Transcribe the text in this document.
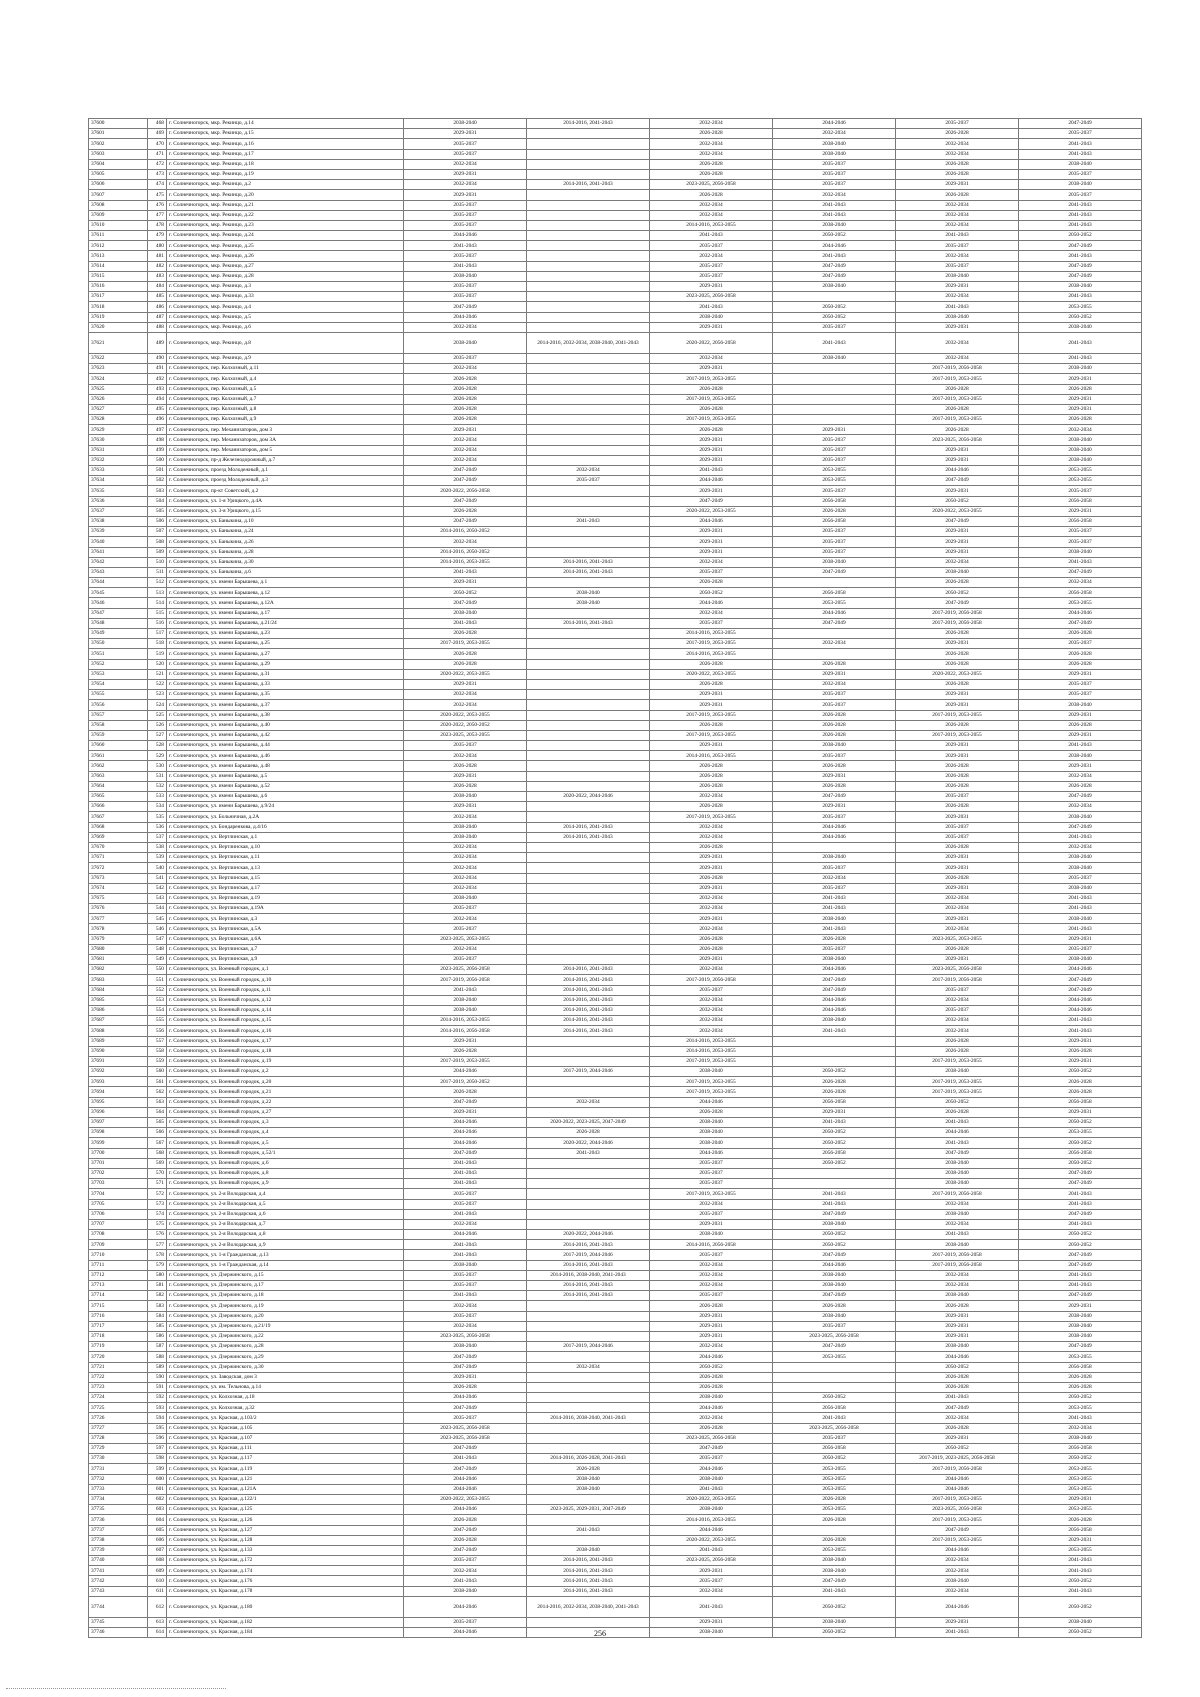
37600	468	г. Солнечногорск, мкр. Рекинцо, д.14	2038-2040	2014-2016, 2041-2043	2032-2034	2044-2046	2035-2037	2047-2049
37601	469	г. Солнечногорск, мкр. Рекинцо, д.15	2029-2031		2026-2028	2032-2034	2026-2028	2035-2037
37602	470	г. Солнечногорск, мкр. Рекинцо, д.16	2035-2037		2032-2034	2038-2040	2032-2034	2041-2043
37603	471	г. Солнечногорск, мкр. Рекинцо, д.17	2035-2037		2032-2034	2038-2040	2032-2034	2041-2043
37604	472	г. Солнечногорск, мкр. Рекинцо, д.18	2032-2034		2026-2028	2035-2037	2026-2028	2038-2040
37605	473	г. Солнечногорск, мкр. Рекинцо, д.19	2029-2031		2026-2028	2035-2037	2026-2028	2035-2037
37606	474	г. Солнечногорск, мкр. Рекинцо, д.2	2032-2034	2014-2016, 2041-2043	2023-2025, 2056-2058	2035-2037	2029-2031	2038-2040
37607	475	г. Солнечногорск, мкр. Рекинцо, д.20	2029-2031		2026-2028	2032-2034	2026-2028	2035-2037
37608	476	г. Солнечногорск, мкр. Рекинцо, д.21	2035-2037		2032-2034	2041-2043	2032-2034	2041-2043
37609	477	г. Солнечногорск, мкр. Рекинцо, д.22	2035-2037		2032-2034	2041-2043	2032-2034	2041-2043
37610	478	г. Солнечногорск, мкр. Рекинцо, д.23	2035-2037		2014-2016, 2053-2055	2038-2040	2032-2034	2041-2043
37611	479	г. Солнечногорск, мкр. Рекинцо, д.24	2044-2046		2041-2043	2050-2052	2041-2043	2050-2052
37612	480	г. Солнечногорск, мкр. Рекинцо, д.25	2041-2043		2035-2037	2044-2046	2035-2037	2047-2049
37613	481	г. Солнечногорск, мкр. Рекинцо, д.26	2035-2037		2032-2034	2041-2043	2032-2034	2041-2043
37614	482	г. Солнечногорск, мкр. Рекинцо, д.27	2041-2043		2035-2037	2047-2049	2035-2037	2047-2049
37615	483	г. Солнечногорск, мкр. Рекинцо, д.28	2038-2040		2035-2037	2047-2049	2038-2040	2047-2049
37616	484	г. Солнечногорск, мкр. Рекинцо, д.3	2035-2037		2029-2031	2038-2040	2029-2031	2038-2040
37617	485	г. Солнечногорск, мкр. Рекинцо, д.33	2035-2037		2023-2025, 2056-2058		2032-2034	2041-2043
37618	486	г. Солнечногорск, мкр. Рекинцо, д.4	2047-2049		2041-2043	2050-2052	2041-2043	2053-2055
37619	487	г. Солнечногорск, мкр. Рекинцо, д.5	2044-2046		2038-2040	2050-2052	2038-2040	2050-2052
37620	488	г. Солнечногорск, мкр. Рекинцо, д.6	2032-2034		2029-2031	2035-2037	2029-2031	2038-2040
37621	489	г. Солнечногорск, мкр. Рекинцо, д.8	2038-2040	2014-2016, 2032-2034, 2038-2040, 2041-2043	2020-2022, 2056-2058	2041-2043	2032-2034	2041-2043
37622	490	г. Солнечногорск, мкр. Рекинцо, д.9	2035-2037		2032-2034	2038-2040	2032-2034	2041-2043
37623	491	г. Солнечногорск, пер. Колхозный, д.11	2032-2034		2029-2031		2017-2019, 2056-2058	2038-2040
37624	492	г. Солнечногорск, пер. Колхозный, д.4	2026-2028		2017-2019, 2053-2055		2017-2019, 2053-2055	2029-2031
37625	493	г. Солнечногорск, пер. Колхозный, д.5	2026-2028		2026-2028		2026-2028	2026-2028
37626	494	г. Солнечногорск, пер. Колхозный, д.7	2026-2028		2017-2019, 2053-2055		2017-2019, 2053-2055	2029-2031
37627	495	г. Солнечногорск, пер. Колхозный, д.8	2026-2028		2026-2028		2026-2028	2029-2031
37628	496	г. Солнечногорск, пер. Колхозный, д.9	2026-2028		2017-2019, 2053-2055		2017-2019, 2053-2055	2026-2028
37629	497	г. Солнечногорск, пер. Механизаторов, дом 3	2029-2031		2026-2028	2029-2031	2026-2028	2032-2034
37630	498	г. Солнечногорск, пер. Механизаторов, дом 3А	2032-2034		2029-2031	2035-2037	2023-2025, 2056-2058	2038-2040
37631	499	г. Солнечногорск, пер. Механизаторов, дом 5	2032-2034		2029-2031	2035-2037	2029-2031	2038-2040
37632	500	г. Солнечногорск, пр-д Железнодорожный, д.7	2032-2034		2029-2031	2035-2037	2029-2031	2038-2040
37633	501	г. Солнечногорск, проезд Молодежный, д.1	2047-2049	2032-2034	2041-2043	2053-2055	2044-2046	2053-2055
37634	502	г. Солнечногорск, проезд Молодежный, д.3	2047-2049	2035-2037	2044-2046	2053-2055	2047-2049	2053-2055
37635	503	г. Солнечногорск, пр-кт Советский, д.2	2020-2022, 2056-2058		2029-2031	2035-2037	2029-2031	2035-2037
37636	504	г. Солнечногорск, ул. 1-я Урицкого, д.4А	2047-2049		2047-2049	2056-2058	2050-2052	2056-2058
37637	505	г. Солнечногорск, ул. 3-я Урицкого, д.15	2026-2028		2020-2022, 2053-2055	2026-2028	2020-2022, 2053-2055	2029-2031
37638	506	г. Солнечногорск, ул. Баныкина, д.10	2047-2049	2041-2043	2044-2046	2056-2058	2047-2049	2056-2058
37639	507	г. Солнечногорск, ул. Баныкина, д.24	2014-2016, 2050-2052		2029-2031	2035-2037	2029-2031	2035-2037
37640	508	г. Солнечногорск, ул. Баныкина, д.26	2032-2034		2029-2031	2035-2037	2029-2031	2035-2037
37641	509	г. Солнечногорск, ул. Баныкина, д.28	2014-2016, 2050-2052		2029-2031	2035-2037	2029-2031	2038-2040
37642	510	г. Солнечногорск, ул. Баныкина, д.30	2014-2016, 2053-2055	2014-2016, 2041-2043	2032-2034	2038-2040	2032-2034	2041-2043
37643	511	г. Солнечногорск, ул. Баныкина, д.6	2041-2043	2014-2016, 2041-2043	2035-2037	2047-2049	2038-2040	2047-2049
37644	512	г. Солнечногорск, ул. имени Барышева, д.1	2029-2031		2026-2028		2026-2028	2032-2034
37645	513	г. Солнечногорск, ул. имени Барышева, д.12	2050-2052	2038-2040	2050-2052	2056-2058	2050-2052	2056-2058
37646	514	г. Солнечногорск, ул. имени Барышева, д.12А	2047-2049	2038-2040	2044-2046	2053-2055	2047-2049	2053-2055
37647	515	г. Солнечногорск, ул. имени Барышева, д.17	2038-2040		2032-2034	2044-2046	2017-2019, 2056-2058	2044-2046
37648	516	г. Солнечногорск, ул. имени Барышева, д.21/24	2041-2043	2014-2016, 2041-2043	2035-2037	2047-2049	2017-2019, 2056-2058	2047-2049
37649	517	г. Солнечногорск, ул. имени Барышева, д.23	2026-2028		2014-2016, 2053-2055		2026-2028	2026-2028
37650	518	г. Солнечногорск, ул. имени Барышева, д.25	2017-2019, 2053-2055		2017-2019, 2053-2055	2032-2034	2029-2031	2035-2037
37651	519	г. Солнечногорск, ул. имени Барышева, д.27	2026-2028		2014-2016, 2053-2055		2026-2028	2026-2028
37652	520	г. Солнечногорск, ул. имени Барышева, д.29	2026-2028		2026-2028	2026-2028	2026-2028	2026-2028
37653	521	г. Солнечногорск, ул. имени Барышева, д.31	2020-2022, 2053-2055		2020-2022, 2053-2055	2029-2031	2020-2022, 2053-2055	2029-2031
37654	522	г. Солнечногорск, ул. имени Барышева, д.33	2029-2031		2026-2028	2032-2034	2026-2028	2035-2037
37655	523	г. Солнечногорск, ул. имени Барышева, д.35	2032-2034		2029-2031	2035-2037	2029-2031	2035-2037
37656	524	г. Солнечногорск, ул. имени Барышева, д.37	2032-2034		2029-2031	2035-2037	2029-2031	2038-2040
37657	525	г. Солнечногорск, ул. имени Барышева, д.38	2020-2022, 2053-2055		2017-2019, 2053-2055	2026-2028	2017-2019, 2053-2055	2029-2031
37658	526	г. Солнечногорск, ул. имени Барышева, д.40	2020-2022, 2050-2052		2026-2028	2026-2028	2026-2028	2026-2028
37659	527	г. Солнечногорск, ул. имени Барышева, д.42	2023-2025, 2053-2055		2017-2019, 2053-2055	2026-2028	2017-2019, 2053-2055	2029-2031
37660	528	г. Солнечногорск, ул. имени Барышева, д.44	2035-2037		2029-2031	2038-2040	2029-2031	2041-2043
37661	529	г. Солнечногорск, ул. имени Барышева, д.46	2032-2034		2014-2016, 2053-2055	2035-2037	2029-2031	2038-2040
37662	530	г. Солнечногорск, ул. имени Барышева, д.48	2026-2028		2026-2028	2026-2028	2026-2028	2029-2031
37663	531	г. Солнечногорск, ул. имени Барышева, д.5	2029-2031		2026-2028	2029-2031	2026-2028	2032-2034
37664	532	г. Солнечногорск, ул. имени Барышева, д.52	2026-2028		2026-2028	2026-2028	2026-2028	2026-2028
37665	533	г. Солнечногорск, ул. имени Барышева, д.6	2038-2040	2020-2022, 2044-2046	2032-2034	2047-2049	2035-2037	2047-2049
37666	534	г. Солнечногорск, ул. имени Барышева, д.9/24	2029-2031		2026-2028	2029-2031	2026-2028	2032-2034
37667	535	г. Солнечногорск, ул. Больничная, д.2А	2032-2034		2017-2019, 2053-2055	2035-2037	2029-2031	2038-2040
37668	536	г. Солнечногорск, ул. Бондаренкова, д.4/16	2038-2040	2014-2016, 2041-2043	2032-2034	2044-2046	2035-2037	2047-2049
37669	537	г. Солнечногорск, ул. Вертлинская, д.1	2038-2040	2014-2016, 2041-2043	2032-2034	2044-2046	2035-2037	2041-2043
37670	538	г. Солнечногорск, ул. Вертлинская, д.10	2032-2034		2026-2028		2026-2028	2032-2034
37671	539	г. Солнечногорск, ул. Вертлинская, д.11	2032-2034		2029-2031	2038-2040	2029-2031	2038-2040
37672	540	г. Солнечногорск, ул. Вертлинская, д.13	2032-2034		2029-2031	2035-2037	2029-2031	2038-2040
37673	541	г. Солнечногорск, ул. Вертлинская, д.15	2032-2034		2026-2028	2032-2034	2026-2028	2035-2037
37674	542	г. Солнечногорск, ул. Вертлинская, д.17	2032-2034		2029-2031	2035-2037	2029-2031	2038-2040
37675	543	г. Солнечногорск, ул. Вертлинская, д.19	2038-2040		2032-2034	2041-2043	2032-2034	2041-2043
37676	544	г. Солнечногорск, ул. Вертлинская, д.19А	2035-2037		2032-2034	2041-2043	2032-2034	2041-2043
37677	545	г. Солнечногорск, ул. Вертлинская, д.3	2032-2034		2029-2031	2038-2040	2029-2031	2038-2040
37678	546	г. Солнечногорск, ул. Вертлинская, д.5А	2035-2037		2032-2034	2041-2043	2032-2034	2041-2043
37679	547	г. Солнечногорск, ул. Вертлинская, д.6А	2023-2025, 2053-2055		2026-2028	2026-2028	2023-2025, 2053-2055	2029-2031
37680	548	г. Солнечногорск, ул. Вертлинская, д.7	2032-2034		2026-2028	2035-2037	2026-2028	2035-2037
37681	549	г. Солнечногорск, ул. Вертлинская, д.9	2035-2037		2029-2031	2038-2040	2029-2031	2038-2040
37682	550	г. Солнечногорск, ул. Военный городок, д.1	2023-2025, 2056-2058	2014-2016, 2041-2043	2032-2034	2044-2046	2023-2025, 2056-2058	2044-2046
37683	551	г. Солнечногорск, ул. Военный городок, д.10	2017-2019, 2056-2058	2014-2016, 2041-2043	2017-2019, 2056-2058	2047-2049	2017-2019, 2056-2058	2047-2049
37684	552	г. Солнечногорск, ул. Военный городок, д.11	2041-2043	2014-2016, 2041-2043	2035-2037	2047-2049	2035-2037	2047-2049
37685	553	г. Солнечногорск, ул. Военный городок, д.12	2038-2040	2014-2016, 2041-2043	2032-2034	2044-2046	2032-2034	2044-2046
37686	554	г. Солнечногорск, ул. Военный городок, д.14	2038-2040	2014-2016, 2041-2043	2032-2034	2044-2046	2035-2037	2044-2046
37687	555	г. Солнечногорск, ул. Военный городок, д.15	2014-2016, 2053-2055	2014-2016, 2041-2043	2032-2034	2038-2040	2032-2034	2041-2043
37688	556	г. Солнечногорск, ул. Военный городок, д.16	2014-2016, 2056-2058	2014-2016, 2041-2043	2032-2034	2041-2043	2032-2034	2041-2043
37689	557	г. Солнечногорск, ул. Военный городок, д.17	2029-2031		2014-2016, 2053-2055		2026-2028	2029-2031
37690	558	г. Солнечногорск, ул. Военный городок, д.18	2026-2028		2014-2016, 2053-2055		2026-2028	2026-2028
37691	559	г. Солнечногорск, ул. Военный городок, д.19	2017-2019, 2053-2055		2017-2019, 2053-2055		2017-2019, 2053-2055	2029-2031
37692	560	г. Солнечногорск, ул. Военный городок, д.2	2044-2046	2017-2019, 2044-2046	2038-2040	2050-2052	2038-2040	2050-2052
37693	561	г. Солнечногорск, ул. Военный городок, д.20	2017-2019, 2050-2052		2017-2019, 2053-2055	2026-2028	2017-2019, 2053-2055	2026-2028
37694	562	г. Солнечногорск, ул. Военный городок, д.21	2026-2028		2017-2019, 2053-2055	2026-2028	2017-2019, 2053-2055	2026-2028
37695	563	г. Солнечногорск, ул. Военный городок, д.22	2047-2049	2032-2034	2044-2046	2056-2058	2050-2052	2056-2058
37696	564	г. Солнечногорск, ул. Военный городок, д.27	2029-2031		2026-2028	2029-2031	2026-2028	2029-2031
37697	565	г. Солнечногорск, ул. Военный городок, д.3	2044-2046	2020-2022, 2023-2025, 2047-2049	2038-2040	2041-2043	2041-2043	2050-2052
37698	566	г. Солнечногорск, ул. Военный городок, д.4	2044-2046	2026-2028	2038-2040	2050-2052	2044-2046	2053-2055
37699	567	г. Солнечногорск, ул. Военный городок, д.5	2044-2046	2020-2022, 2044-2046	2038-2040	2050-2052	2041-2043	2050-2052
37700	568	г. Солнечногорск, ул. Военный городок, д.52/1	2047-2049	2041-2043	2044-2046	2056-2058	2047-2049	2056-2058
37701	569	г. Солнечногорск, ул. Военный городок, д.6	2041-2043		2035-2037	2050-2052	2038-2040	2050-2052
37702	570	г. Солнечногорск, ул. Военный городок, д.8	2041-2043		2035-2037		2038-2040	2047-2049
37703	571	г. Солнечногорск, ул. Военный городок, д.9	2041-2043		2035-2037		2038-2040	2047-2049
37704	572	г. Солнечногорск, ул. 2-я Володарская, д.4	2035-2037		2017-2019, 2053-2055	2041-2043	2017-2019, 2056-2058	2041-2043
37705	573	г. Солнечногорск, ул. 2-я Володарская, д.5	2035-2037		2032-2034	2041-2043	2032-2034	2041-2043
37706	574	г. Солнечногорск, ул. 2-я Володарская, д.6	2041-2043		2035-2037	2047-2049	2038-2040	2047-2049
37707	575	г. Солнечногорск, ул. 2-я Володарская, д.7	2032-2034		2029-2031	2038-2040	2032-2034	2041-2043
37708	576	г. Солнечногорск, ул. 2-я Володарская, д.8	2044-2046	2020-2022, 2044-2046	2038-2040	2050-2052	2041-2043	2050-2052
37709	577	г. Солнечногорск, ул. 2-я Володарская, д.9	2041-2043	2014-2016, 2041-2043	2014-2016, 2056-2058	2050-2052	2038-2040	2050-2052
37710	578	г. Солнечногорск, ул. 1-я Гражданская, д.13	2041-2043	2017-2019, 2044-2046	2035-2037	2047-2049	2017-2019, 2056-2058	2047-2049
37711	579	г. Солнечногорск, ул. 1-я Гражданская, д.14	2038-2040	2014-2016, 2041-2043	2032-2034	2044-2046	2017-2019, 2056-2058	2047-2049
37712	580	г. Солнечногорск, ул. Дзержинского, д.15	2035-2037	2014-2016, 2038-2040, 2041-2043	2032-2034	2038-2040	2032-2034	2041-2043
37713	581	г. Солнечногорск, ул. Дзержинского, д.17	2035-2037	2014-2016, 2041-2043	2032-2034	2038-2040	2032-2034	2041-2043
37714	582	г. Солнечногорск, ул. Дзержинского, д.18	2041-2043	2014-2016, 2041-2043	2035-2037	2047-2049	2038-2040	2047-2049
37715	583	г. Солнечногорск, ул. Дзержинского, д.19	2032-2034		2026-2028	2026-2028	2026-2028	2029-2031
37716	584	г. Солнечногорск, ул. Дзержинского, д.20	2035-2037		2029-2031	2038-2040	2029-2031	2038-2040
37717	585	г. Солнечногорск, ул. Дзержинского, д.21/19	2032-2034		2029-2031	2035-2037	2029-2031	2038-2040
37718	586	г. Солнечногорск, ул. Дзержинского, д.22	2023-2025, 2056-2058		2029-2031	2023-2025, 2056-2058	2029-2031	2038-2040
37719	587	г. Солнечногорск, ул. Дзержинского, д.28	2038-2040	2017-2019, 2044-2046	2032-2034	2047-2049	2038-2040	2047-2049
37720	588	г. Солнечногорск, ул. Дзержинского, д.29	2047-2049		2044-2046	2053-2055	2044-2046	2053-2055
37721	589	г. Солнечногорск, ул. Дзержинского, д.30	2047-2049	2032-2034	2050-2052		2050-2052	2056-2058
37722	590	г. Солнечногорск, ул. Заводская, дом 3	2029-2031		2026-2028		2026-2028	2026-2028
37723	591	г. Солнечногорск, ул. им. Тельнова, д.14	2026-2028		2026-2028		2026-2028	2026-2028
37724	592	г. Солнечногорск, ул. Колхозная, д.18	2044-2046		2038-2040	2050-2052	2041-2043	2050-2052
37725	593	г. Солнечногорск, ул. Колхозная, д.32	2047-2049		2044-2046	2056-2058	2047-2049	2053-2055
37726	594	г. Солнечногорск, ул. Красная, д.103/2	2035-2037	2014-2016, 2038-2040, 2041-2043	2032-2034	2041-2043	2032-2034	2041-2043
37727	595	г. Солнечногорск, ул. Красная, д.105	2023-2025, 2056-2058		2026-2028	2023-2025, 2056-2058	2026-2028	2032-2034
37728	596	г. Солнечногорск, ул. Красная, д.107	2023-2025, 2056-2058		2023-2025, 2056-2058	2035-2037	2029-2031	2038-2040
37729	597	г. Солнечногорск, ул. Красная, д.111	2047-2049		2047-2049	2056-2058	2050-2052	2056-2058
37730	598	г. Солнечногорск, ул. Красная, д.117	2041-2043	2014-2016, 2026-2028, 2041-2043	2035-2037	2050-2052	2017-2019, 2023-2025, 2056-2058	2050-2052
37731	599	г. Солнечногорск, ул. Красная, д.119	2047-2049	2026-2028	2044-2046	2053-2055	2017-2019, 2056-2058	2053-2055
37732	600	г. Солнечногорск, ул. Красная, д.121	2044-2046	2038-2040	2038-2040	2053-2055	2044-2046	2053-2055
37733	601	г. Солнечногорск, ул. Красная, д.121А	2044-2046	2038-2040	2041-2043	2053-2055	2044-2046	2053-2055
37734	602	г. Солнечногорск, ул. Красная, д.122/1	2020-2022, 2053-2055		2020-2022, 2053-2055	2026-2028	2017-2019, 2053-2055	2029-2031
37735	603	г. Солнечногорск, ул. Красная, д.125	2044-2046	2023-2025, 2029-2031, 2047-2049	2038-2040	2053-2055	2023-2025, 2056-2058	2053-2055
37736	604	г. Солнечногорск, ул. Красная, д.126	2026-2028		2014-2016, 2053-2055	2026-2028	2017-2019, 2053-2055	2026-2028
37737	605	г. Солнечногорск, ул. Красная, д.127	2047-2049	2041-2043	2044-2046		2047-2049	2056-2058
37738	606	г. Солнечногорск, ул. Красная, д.128	2026-2028		2020-2022, 2053-2055	2026-2028	2017-2019, 2053-2055	2029-2031
37739	607	г. Солнечногорск, ул. Красная, д.133	2047-2049	2038-2040	2041-2043	2053-2055	2044-2046	2053-2055
37740	608	г. Солнечногорск, ул. Красная, д.172	2035-2037	2014-2016, 2041-2043	2023-2025, 2056-2058	2038-2040	2032-2034	2041-2043
37741	609	г. Солнечногорск, ул. Красная, д.174	2032-2034	2014-2016, 2041-2043	2029-2031	2038-2040	2032-2034	2041-2043
37742	610	г. Солнечногорск, ул. Красная, д.176	2041-2043	2014-2016, 2041-2043	2035-2037	2047-2049	2038-2040	2050-2052
37743	611	г. Солнечногорск, ул. Красная, д.178	2038-2040	2014-2016, 2041-2043	2032-2034	2041-2043	2032-2034	2041-2043
37744	612	г. Солнечногорск, ул. Красная, д.180	2044-2046	2014-2016, 2032-2034, 2038-2040, 2041-2043	2041-2043	2050-2052	2044-2046	2050-2052
37745	613	г. Солнечногорск, ул. Красная, д.182	2035-2037		2029-2031	2038-2040	2029-2031	2038-2040
37746	614	г. Солнечногорск, ул. Красная, д.184	2044-2046		2038-2040	2050-2052	2041-2043	2050-2052
256
